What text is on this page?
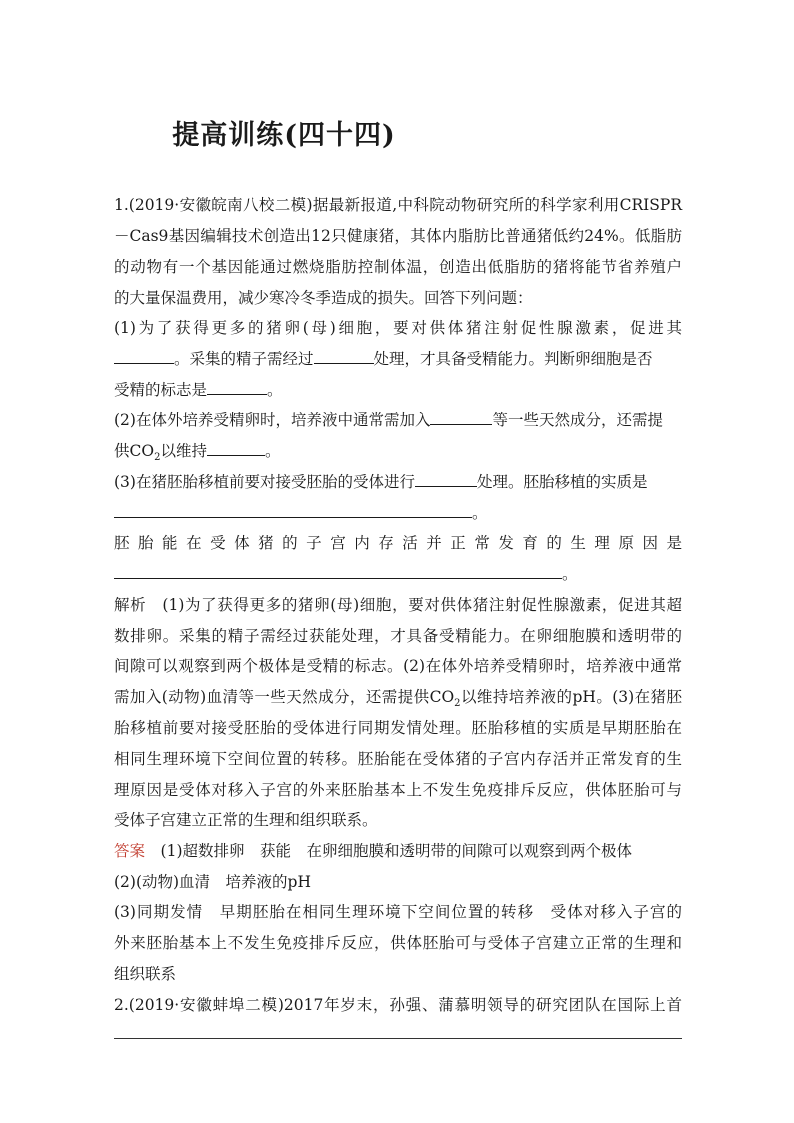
提高训练(四十四)
1.(2019·安徽皖南八校二模)据最新报道,中科院动物研究所的科学家利用CRISPR
－Cas9基因编辑技术创造出12只健康猪，其体内脂肪比普通猪低约24%。低脂肪
的动物有一个基因能通过燃烧脂肪控制体温，创造出低脂肪的猪将能节省养殖户
的大量保温费用，减少寒冷冬季造成的损失。回答下列问题：
(1)为了获得更多的猪卵(母)细胞，要对供体猪注射促性腺激素，促进其
。采集的精子需经过	处理，才具备受精能力。判断卵细胞是否
受精的标志是	。
(2)在体外培养受精卵时，培养液中通常需加入	等一些天然成分，还需提
供$CO_2$以维持	。
(3)在猪胚胎移植前要对接受胚胎的受体进行	处理。胚胎移植的实质是
。
胚胎能在受体猪的子宫内存活并正常发育的生理原因是
。
解析　 (1)为了获得更多的猪卵(母)细胞，要对供体猪注射促性腺激素，促进其超
数排卵。采集的精子需经过获能处理，才具备受精能力。在卵细胞膜和透明带的
间隙可以观察到两个极体是受精的标志。(2)在体外培养受精卵时，培养液中通常
需加入(动物)血清等一些天然成分，还需提供$CO_2$以维持培养液的pH。(3)在猪胚
胎移植前要对接受胚胎的受体进行同期发情处理。胚胎移植的实质是早期胚胎在
相同生理环境下空间位置的转移。胚胎能在受体猪的子宫内存活并正常发育的生
理原因是受体对移入子宫的外来胚胎基本上不发生免疫排斥反应，供体胚胎可与
受体子宫建立正常的生理和组织联系。
答案　 (1)超数排卵　获能　在卵细胞膜和透明带的间隙可以观察到两个极体
(2)(动物)血清　培养液的pH
(3)同期发情　早期胚胎在相同生理环境下空间位置的转移　受体对移入子宫的
外来胚胎基本上不发生免疫排斥反应，供体胚胎可与受体子宫建立正常的生理和
组织联系
2.(2019·安徽蚌埠二模)2017年岁末，孙强、蒲慕明领导的研究团队在国际上首
